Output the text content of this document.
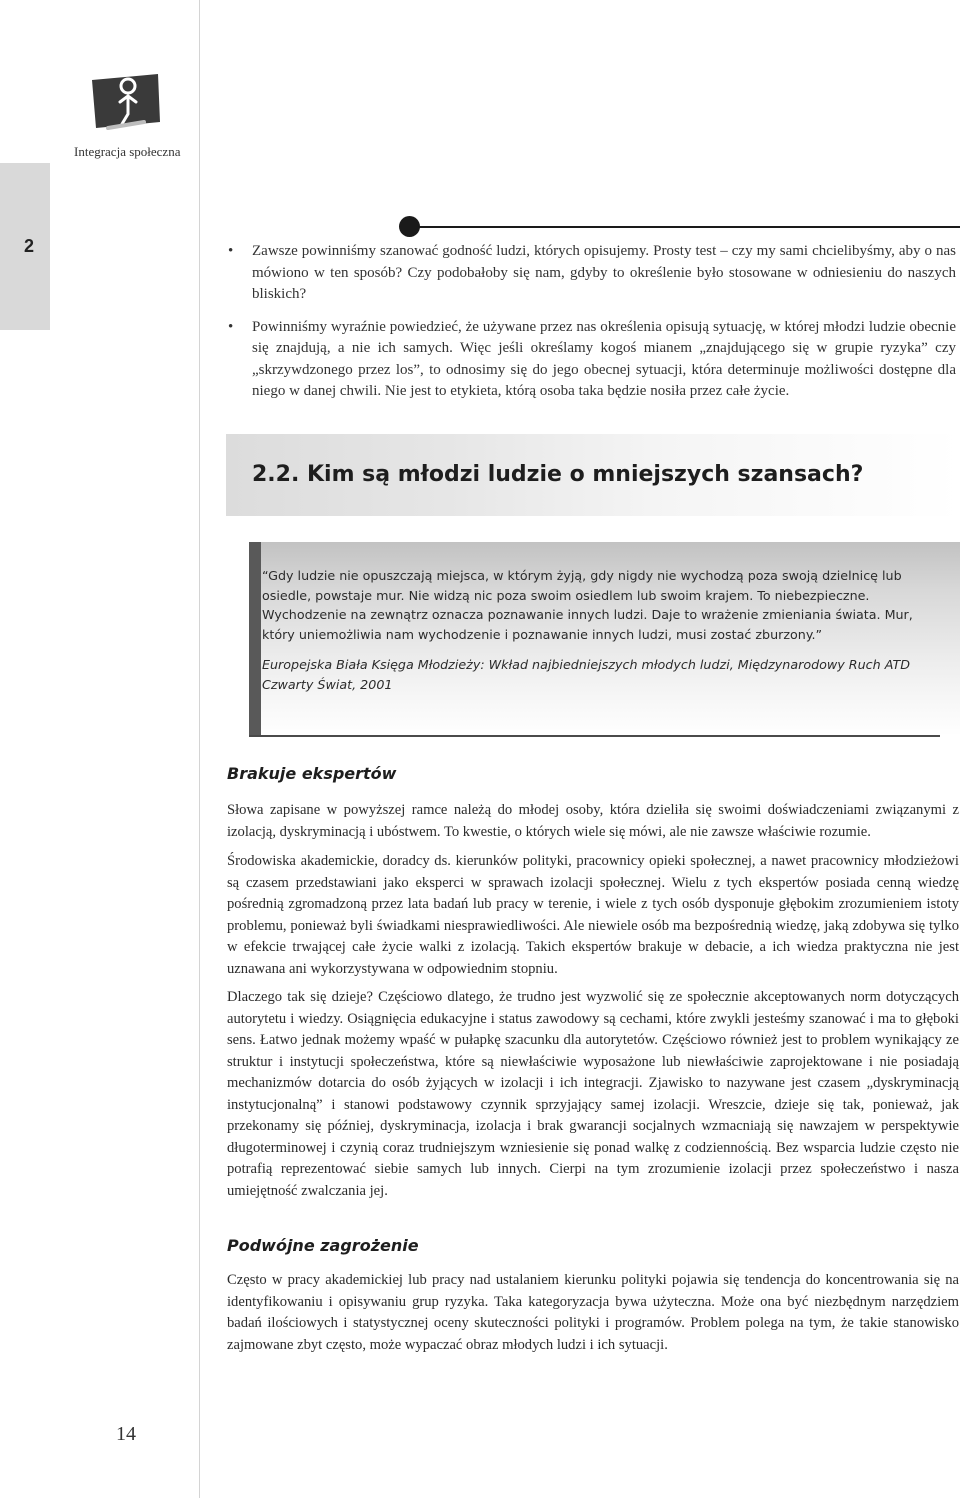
Integracja społeczna
2
14
• Zawsze powinniśmy szanować godność ludzi, których opisujemy. Prosty test – czy my sami chcielibyśmy, aby o nas mówiono w ten sposób? Czy podobałoby się nam, gdyby to określenie było stosowane w odniesieniu do naszych bliskich?
• Powinniśmy wyraźnie powiedzieć, że używane przez nas określenia opisują sytuację, w której młodzi ludzie obecnie się znajdują, a nie ich samych. Więc jeśli określamy kogoś mianem „znajdującego się w grupie ryzyka” czy „skrzywdzonego przez los”, to odnosimy się do jego obecnej sytuacji, która determinuje możliwości dostępne dla niego w danej chwili. Nie jest to etykieta, którą osoba taka będzie nosiła przez całe życie.
2.2. Kim są młodzi ludzie o mniejszych szansach?
“Gdy ludzie nie opuszczają miejsca, w którym żyją, gdy nigdy nie wychodzą poza swoją dzielnicę lub osiedle, powstaje mur. Nie widzą nic poza swoim osiedlem lub swoim krajem. To niebezpieczne. Wychodzenie na zewnątrz oznacza poznawanie innych ludzi. Daje to wrażenie zmieniania świata. Mur, który uniemożliwia nam wychodzenie i poznawanie innych ludzi, musi zostać zburzony.”
Europejska Biała Księga Młodzieży: Wkład najbiedniejszych młodych ludzi, Międzynarodowy Ruch ATD Czwarty Świat, 2001
Brakuje ekspertów

Słowa zapisane w powyższej ramce należą do młodej osoby, która dzieliła się swoimi doświadczeniami związanymi z izolacją, dyskryminacją i ubóstwem. To kwestie, o których wiele się mówi, ale nie zawsze właściwie rozumie.

Środowiska akademickie, doradcy ds. kierunków polityki, pracownicy opieki społecznej, a nawet pracownicy młodzieżowi są czasem przedstawiani jako eksperci w sprawach izolacji społecznej. Wielu z tych ekspertów posiada cenną wiedzę pośrednią zgromadzoną przez lata badań lub pracy w terenie, i wiele z tych osób dysponuje głębokim zrozumieniem istoty problemu, ponieważ byli świadkami niesprawiedliwości. Ale niewiele osób ma bezpośrednią wiedzę, jaką zdobywa się tylko w efekcie trwającej całe życie walki z izolacją. Takich ekspertów brakuje w debacie, a ich wiedza praktyczna nie jest uznawana ani wykorzystywana w odpowiednim stopniu.

Dlaczego tak się dzieje? Częściowo dlatego, że trudno jest wyzwolić się ze społecznie akceptowanych norm dotyczących autorytetu i wiedzy. Osiągnięcia edukacyjne i status zawodowy są cechami, które zwykli jesteśmy szanować i ma to głęboki sens. Łatwo jednak możemy wpaść w pułapkę szacunku dla autorytetów. Częściowo również jest to problem wynikający ze struktur i instytucji społeczeństwa, które są niewłaściwie wyposażone lub niewłaściwie zaprojektowane i nie posiadają mechanizmów dotarcia do osób żyjących w izolacji i ich integracji. Zjawisko to nazywane jest czasem „dyskryminacją instytucjonalną” i stanowi podstawowy czynnik sprzyjający samej izolacji. Wreszcie, dzieje się tak, ponieważ, jak przekonamy się później, dyskryminacja, izolacja i brak gwarancji socjalnych wzmacniają się nawzajem w perspektywie długoterminowej i czynią coraz trudniejszym wzniesienie się ponad walkę z codziennością. Bez wsparcia ludzie często nie potrafią reprezentować siebie samych lub innych. Cierpi na tym zrozumienie izolacji przez społeczeństwo i nasza umiejętność zwalczania jej.

Podwójne zagrożenie

Często w pracy akademickiej lub pracy nad ustalaniem kierunku polityki pojawia się tendencja do koncentrowania się na identyfikowaniu i opisywaniu grup ryzyka. Taka kategoryzacja bywa użyteczna. Może ona być niezbędnym narzędziem badań ilościowych i statystycznej oceny skuteczności polityki i programów. Problem polega na tym, że takie stanowisko zajmowane zbyt często, może wypaczać obraz młodych ludzi i ich sytuacji.
